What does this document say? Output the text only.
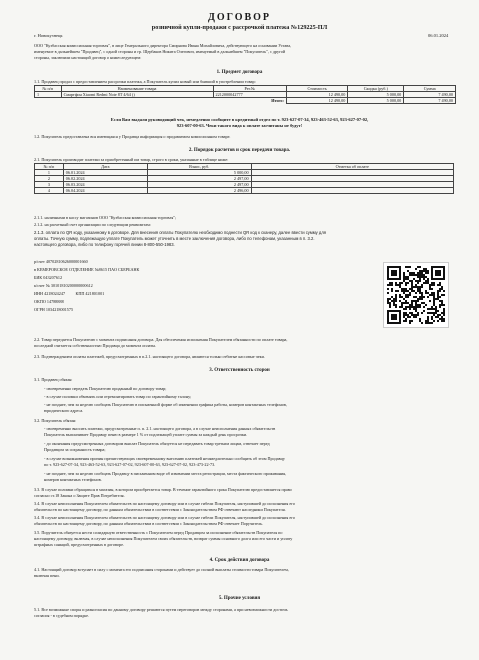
ДОГОВОР
розничной купли-продажи с рассрочкой платежа №129225-ПЛ
г. Новокузнецк	06.01.2024
ООО "Кузбасская комиссионная торговля", в лице Генерального директора Смирнова Ивана Михайловича, действующего на основании Устава,
именуемое в дальнейшем "Продавец", с одной стороны и гр. Щербаков Никита Олегович, именуемый в дальнейшем "Покупатель", с другой
стороны, заключили настоящий договор о нижеследующем:
1. Предмет договора
1.1. Продавец продал с предоставлением рассрочки платежа, а Покупатель купил новый или бывший в употреблении товар:
№ п/п	Наименование товара	Рег.№	Стоимость	Скидка (руб.)	Сумма
1	Смартфон Xiaomi Redmi Note 8T 4/64 ()	2212000042777	12 490,00	5 000,00	7 490,00
		Итого:	12 490,00	5 000,00	7 490,00
Если Вам выдали руководящий чек, немедленно сообщите в кредитный отдел по т. 923-627-07-34, 923-463-52-63, 923-627-07-02,
923-607-00-63. Чеки такого вида к оплате засчитаны не будут!
1.2. Покупатель предоставлена вся имеющаяся у Продавца информация о продаваемом комиссионном товаре.
2. Порядок расчетов и срок передачи товара.
2.1. Покупатель производит платежи за приобретенный им товар, строго в сроки, указанные в таблице ниже:
№ п/п	Дата	Взнос, руб.	Отметка об оплате
1	06.01.2024	5 000,00	
2	06.02.2024	2 497,00	
3	06.03.2024	2 497,00	
4	06.04.2024	2 496,00	
2.1.1. наличными в кассу магазинов ООО "Кузбасская комиссионная торговля";
2.1.2. на расчетный счет организации по следующим реквизитам:
2.1.3. оплата по QR коду, указанному в договоре. Для внесения оплаты Покупателю необходимо поднести QR код к сканеру, далее ввести сумму для
оплаты. Точную сумму, подлежащую уплате Покупатель может уточнить в месте заключения договора, либо по телефонам, указанным в п. 3.2.
настоящего договора, либо по телефону горячей линии 8-800-550-1983.
р/счет 40702810626000001660
в КЕМЕРОВСКОЕ ОТДЕЛЕНИЕ №8615 ПАО СБЕРБАНК
БИК 043207612
к/счет № 30101810200000000612
ИНН 4218024247          КПП 421801001
ОКПО 14788888
ОГРН 1034218001575
2.2. Товар передается Покупателю с момента подписания договора. Для обеспечения исполнения Покупателем обязанности по оплате товара,
последний считается собственностью Продавца до момента оплаты.
2.3. Подтверждением оплаты платежей, предусмотренных в п.2.1. настоящего договора, являются только отбитые кассовые чеки.
3. Ответственность сторон
3.1. Продавец обязан:
- своевременно передать Покупателю проданный по договору товар;
- в случае поломки обменять или отремонтировать товар по гарантийному талону;
- не позднее, чем за неделю сообщать Покупателю в письменной форме об изменении графика работы, номеров контактных телефонов,
юридического адреса.
3.2. Покупатель обязан:
- своевременно вносить платежи, предусмотренные п. п. 2.1. настоящего договора, а в случае неисполнения данных обязательств
Покупатель выплачивает Продавцу пеню в размере 1 % от подлежащей уплате суммы за каждый день просрочки.
- до окончания предусмотренных договором выплат Покупатель обязуется не передавать товар третьим лицам, отвечает перед
Продавцом за сохранность товара;
- в случае возникновения причин препятствующих своевременному внесению платежей незамедлительно сообщить об этом Продавцу
по т. 923-627-07-34, 923-463-52-63, 923-627-07-02, 923-607-00-63, 923-627-07-02, 923-473-22-73.
- не позднее, чем за неделю сообщать Продавцу в письменном виде об изменении места регистрации, места фактического проживания,
номеров контактных телефонов.
3.3. В случае поломки обращаться в магазин, в котором приобретается товар. В течение гарантийного срока Покупателю предоставляется право
согласно ст.18 Закона о Защите Прав Потребителя.
3.4. В случае неисполнения Покупателем обязательств по настоящему договору или в случае гибели Покупателя, наступившей до исполнения его
обязательств по настоящему договору, по данным обязательствам в соответствии с Законодательством РФ отвечают наследники Покупателя.
3.4. В случае неисполнения Покупателем обязательств по настоящему договору или в случае гибели Покупателя, наступившей до исполнения его
обязательств по настоящему договору, по данным обязательствам в соответствии с Законодательством РФ отвечает Поручитель.
3.5. Поручитель обязуется нести солидарную ответственность с Покупателем перед Продавцом за исполнение обязательств Покупателя по
настоящему договору, включая, в случае неисполнения Покупателем своих обязательств, возврат суммы основного долга или его части и уплату
штрафных санкций, предусмотренных в договоре.
4. Срок действия договора
4.1. Настоящий договор вступает в силу с момента его подписания сторонами и действует до полной выплаты стоимости товара Покупателем,
включая пени.
5. Прочие условия
5.1. Все возможные споры и разногласия по данному договору решаются путем переговоров между сторонами, а при невозможности достичь
согласия - в судебном порядке.
